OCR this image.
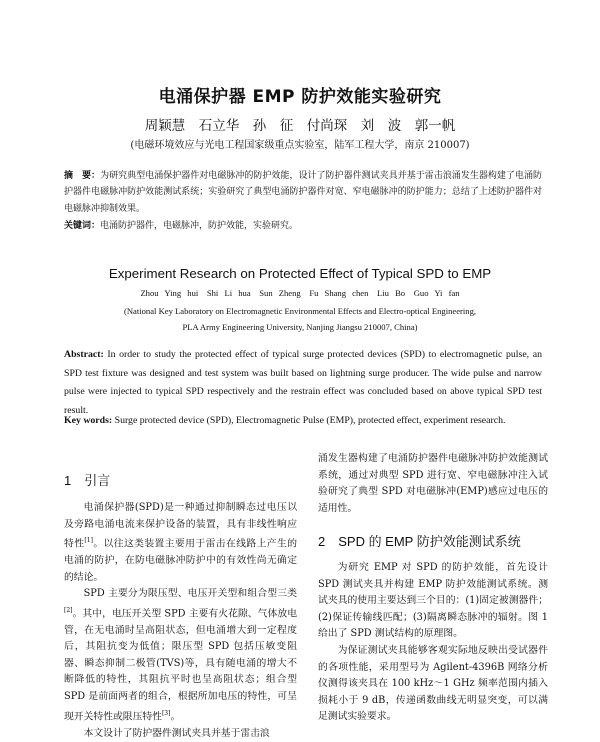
电涌保护器 EMP 防护效能实验研究
周颖慧　石立华　孙　征　付尚琛　刘　波　郭一帆
(电磁环境效应与光电工程国家级重点实验室，陆军工程大学，南京 210007)
摘　要：为研究典型电涌保护器件对电磁脉冲的防护效能，设计了防护器件测试夹具并基于雷击浪涌发生器构建了电涌防护器件电磁脉冲防护效能测试系统；实验研究了典型电涌防护器件对宽、窄电磁脉冲的防护能力；总结了上述防护器件对电磁脉冲抑制效果。
关键词：电涌防护器件，电磁脉冲，防护效能，实验研究。
Experiment Research on Protected Effect of Typical SPD to EMP
Zhou Ying hui　Shi Li hua　Sun Zheng　Fu Shang chen　Liu Bo　Guo Yi fan
(National Key Laboratory on Electromagnetic Environmental Effects and Electro-optical Engineering,
PLA Army Engineering University, Nanjing Jiangsu 210007, China)
Abstract: In order to study the protected effect of typical surge protected devices (SPD) to electromagnetic pulse, an SPD test fixture was designed and test system was built based on lightning surge producer. The wide pulse and narrow pulse were injected to typical SPD respectively and the restrain effect was concluded based on above typical SPD test result.
Key words: Surge protected device (SPD), Electromagnetic Pulse (EMP), protected effect, experiment research.
1　引言

电涌保护器(SPD)是一种通过抑制瞬态过电压以及旁路电涌电流来保护设备的装置，具有非线性响应特性[1]。以往这类装置主要用于雷击在线路上产生的电涌的防护，在防电磁脉冲防护中的有效性尚无确定的结论。

SPD 主要分为限压型、电压开关型和组合型三类[2]。其中，电压开关型 SPD 主要有火花隙、气体放电管，在无电涌时呈高阻状态，但电涌增大到一定程度后，其阻抗变为低值；限压型 SPD 包括压敏变阻器、瞬态抑制二极管(TVS)等，具有随电涌的增大不断降低的特性，其阻抗平时也呈高阻状态；组合型 SPD 是前面两者的组合，根据所加电压的特性，可呈现开关特性或限压特性[3]。

本文设计了防护器件测试夹具并基于雷击浪

涌发生器构建了电涌防护器件电磁脉冲防护效能测试系统，通过对典型 SPD 进行宽、窄电磁脉冲注入试验研究了典型 SPD 对电磁脉冲(EMP)感应过电压的适用性。

2　SPD 的 EMP 防护效能测试系统

为研究 EMP 对 SPD 的防护效能，首先设计 SPD 测试夹具并构建 EMP 防护效能测试系统。测试夹具的使用主要达到三个目的：(1)固定被测器件；(2)保证传输线匹配；(3)隔离瞬态脉冲的辐射。图 1 给出了 SPD 测试结构的原理图。

为保证测试夹具能够客观实际地反映出受试器件的各项性能，采用型号为 Agilent-4396B 网络分析仪测得该夹具在 100 kHz～1 GHz 频率范围内插入损耗小于 9 dB，传递函数曲线无明显突变，可以满足测试实验要求。
